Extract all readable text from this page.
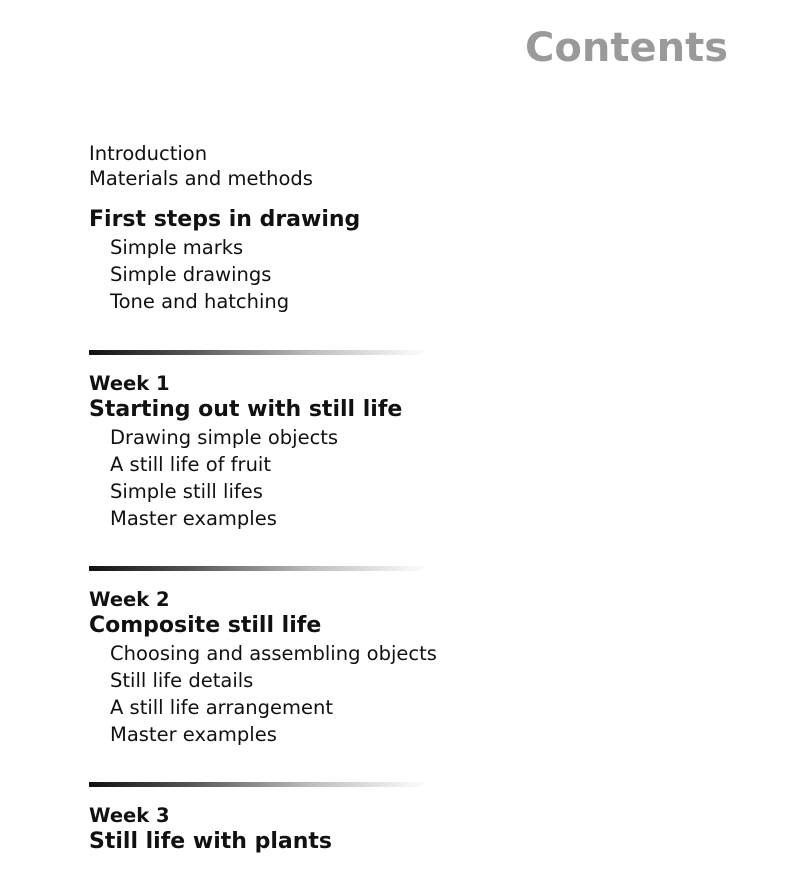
Contents
Introduction
Materials and methods
First steps in drawing
Simple marks
Simple drawings
Tone and hatching
Week 1
Starting out with still life
Drawing simple objects
A still life of fruit
Simple still lifes
Master examples
Week 2
Composite still life
Choosing and assembling objects
Still life details
A still life arrangement
Master examples
Week 3
Still life with plants
